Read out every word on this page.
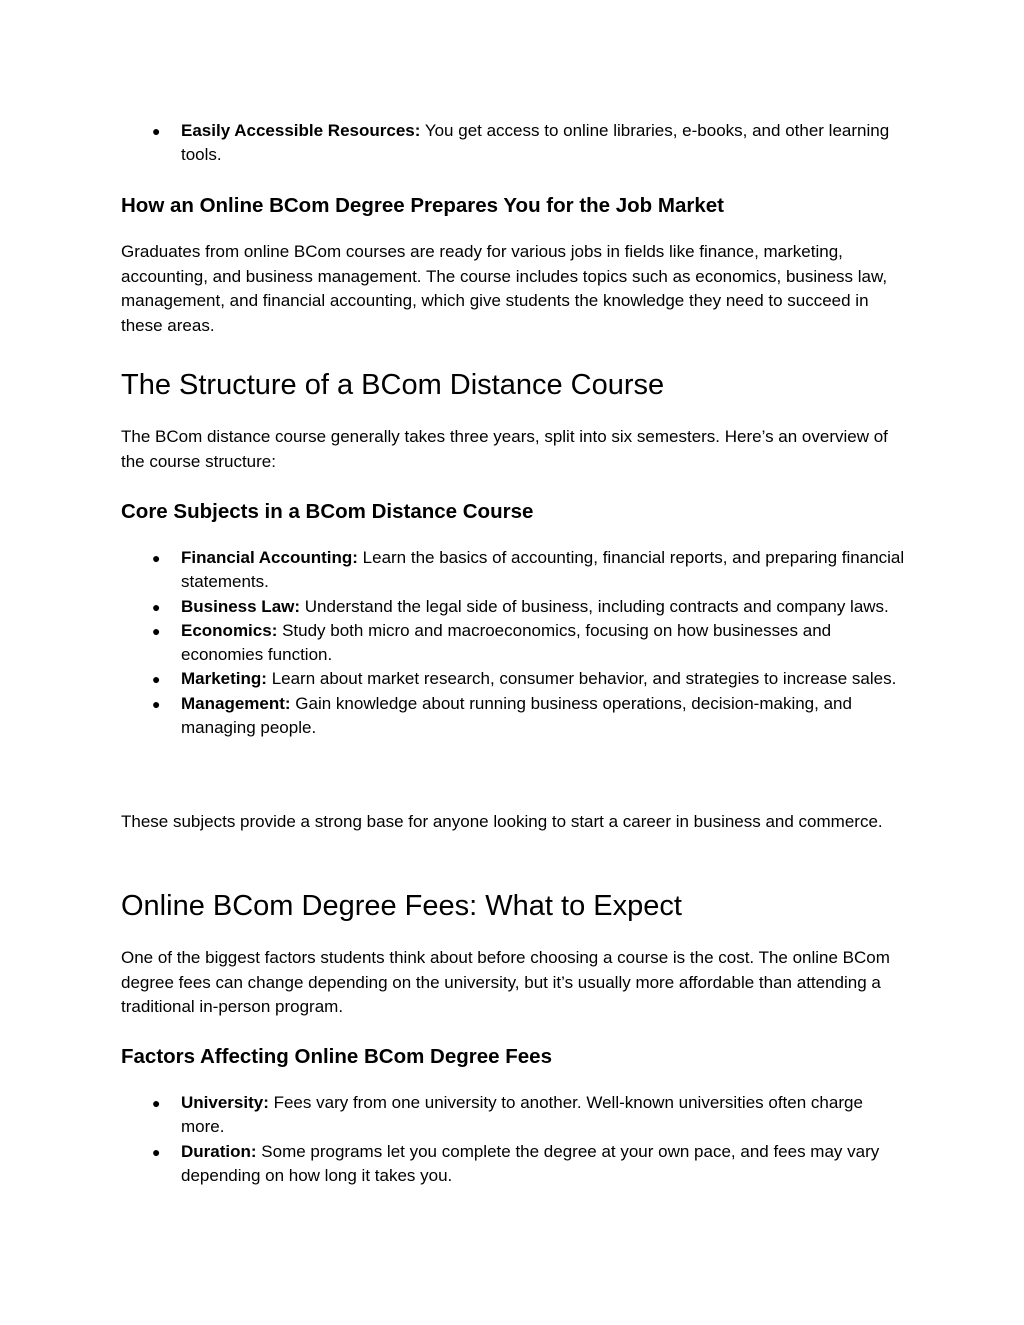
● Easily Accessible Resources: You get access to online libraries, e-books, and other learning tools.
How an Online BCom Degree Prepares You for the Job Market

Graduates from online BCom courses are ready for various jobs in fields like finance, marketing, accounting, and business management. The course includes topics such as economics, business law, management, and financial accounting, which give students the knowledge they need to succeed in these areas.

The Structure of a BCom Distance Course

The BCom distance course generally takes three years, split into six semesters. Here’s an overview of the course structure:

Core Subjects in a BCom Distance Course
● Financial Accounting: Learn the basics of accounting, financial reports, and preparing financial statements.
● Business Law: Understand the legal side of business, including contracts and company laws.
● Economics: Study both micro and macroeconomics, focusing on how businesses and economies function.
● Marketing: Learn about market research, consumer behavior, and strategies to increase sales.
● Management: Gain knowledge about running business operations, decision-making, and managing people.

These subjects provide a strong base for anyone looking to start a career in business and commerce.

Online BCom Degree Fees: What to Expect

One of the biggest factors students think about before choosing a course is the cost. The online BCom degree fees can change depending on the university, but it’s usually more affordable than attending a traditional in-person program.

Factors Affecting Online BCom Degree Fees
● University: Fees vary from one university to another. Well-known universities often charge more.
● Duration: Some programs let you complete the degree at your own pace, and fees may vary depending on how long it takes you.
